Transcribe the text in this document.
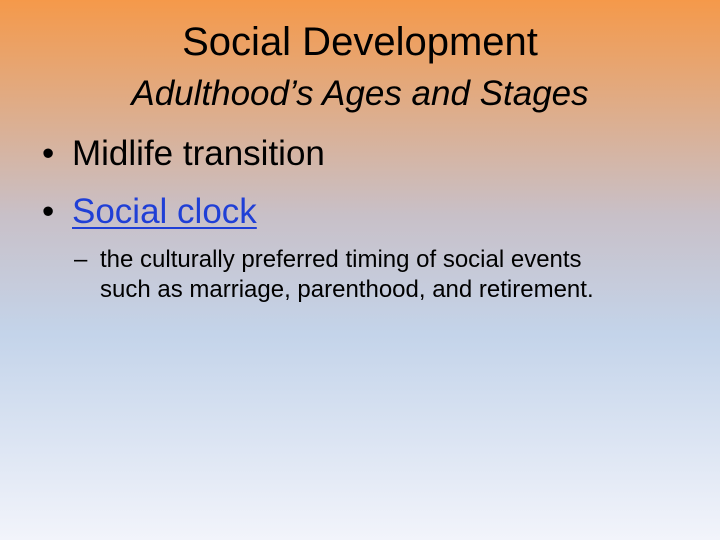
Social Development
Adulthood’s Ages and Stages
• Midlife transition
• Social clock
– the culturally preferred timing of social events
such as marriage, parenthood, and retirement.
